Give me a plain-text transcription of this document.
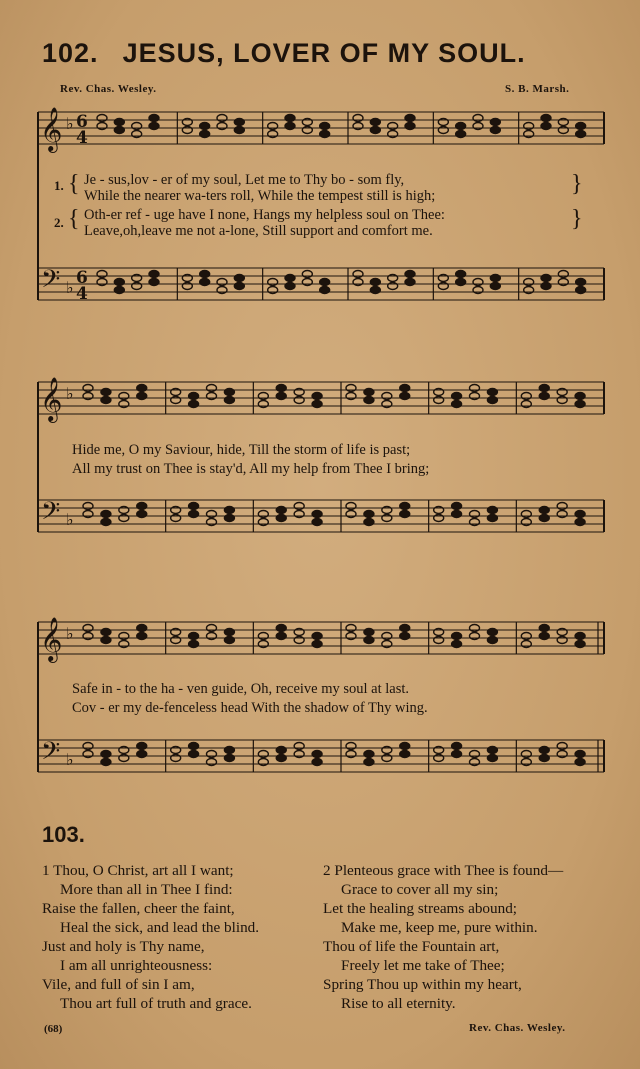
102. JESUS, LOVER OF MY SOUL.
Rev. Chas. Wesley.	S. B. Marsh.
𝄞
𝄢
♭
♭
6
4
6
4
𝄞
𝄢
♭
♭
𝄞
𝄢
♭
♭
1. { Je - sus,lov - er of my soul, Let me to Thy bo - som fly,
While the nearer wa-ters roll, While the tempest still is high;	}
2. { Oth-er ref - uge have I none, Hangs my helpless soul on Thee:
Leave,oh,leave me not a-lone, Still support and comfort me.	}
Hide me, O my Saviour, hide, Till the storm of life is past;
All my trust on Thee is stay'd, All my help from Thee I bring;
Safe in - to the ha - ven guide, Oh, receive my soul at last.
Cov - er my de-fenceless head With the shadow of Thy wing.
103.
1 Thou, O Christ, art all I want;
More than all in Thee I find:
Raise the fallen, cheer the faint,
Heal the sick, and lead the blind.
Just and holy is Thy name,
I am all unrighteousness:
Vile, and full of sin I am,
Thou art full of truth and grace.
2 Plenteous grace with Thee is found—
Grace to cover all my sin;
Let the healing streams abound;
Make me, keep me, pure within.
Thou of life the Fountain art,
Freely let me take of Thee;
Spring Thou up within my heart,
Rise to all eternity.
(68)	Rev. Chas. Wesley.
